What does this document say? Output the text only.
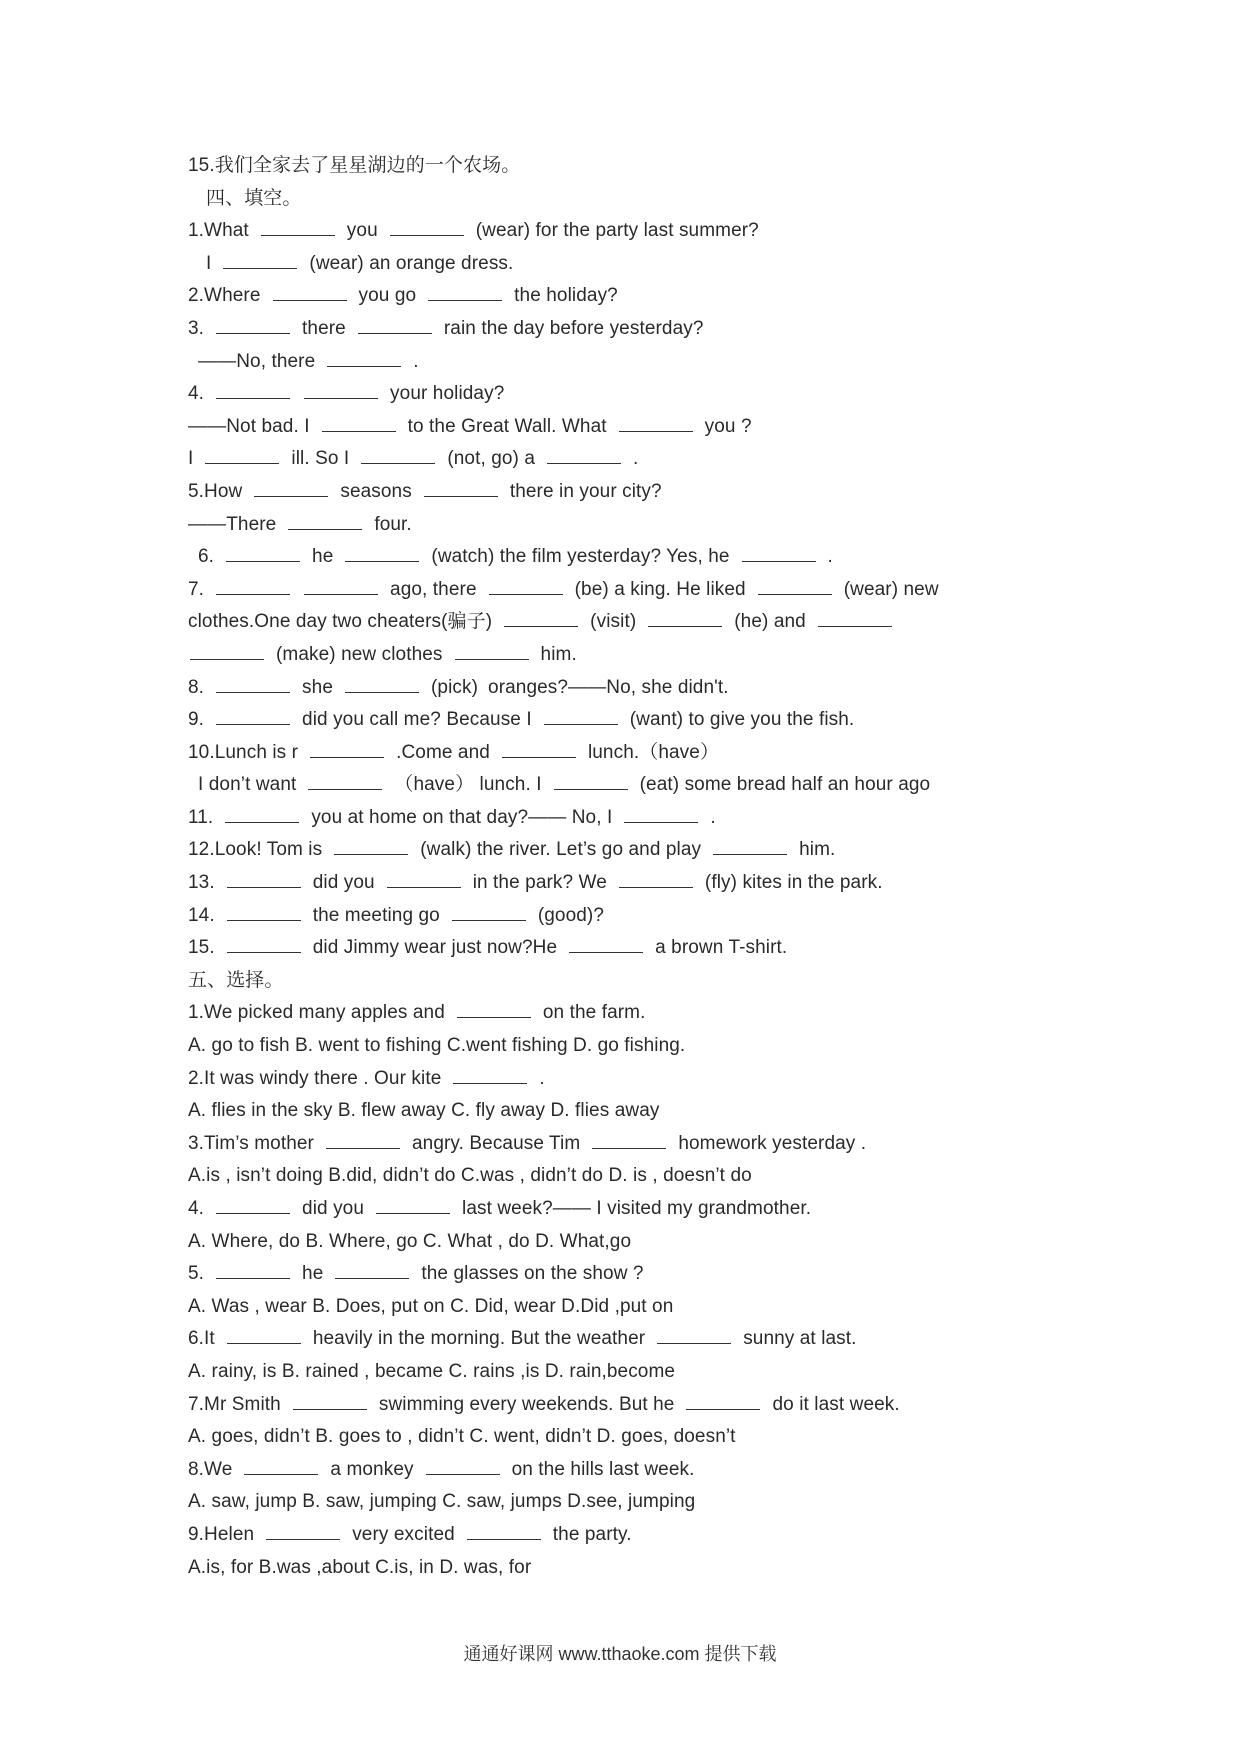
15.我们全家去了星星湖边的一个农场。
四、填空。
1.What	you	(wear) for the party last summer?
I	(wear) an orange dress.
2.Where	you go	the holiday?
3.	there	rain the day before yesterday?
——No, there	.
4.	your holiday?
——Not bad. I	to the Great Wall. What	you ?
I	ill. So I	(not, go) a	.
5.How	seasons	there in your city?
——There	four.
6.	he	(watch) the film yesterday? Yes, he	.
7.	ago, there	(be) a king. He liked	(wear) new
clothes.One day two cheaters(骗子)	(visit)	(he) and
(make) new clothes	him.
8.	she	(pick) oranges?——No, she didn't.
9.	did you call me? Because I	(want) to give you the fish.
10.Lunch is r	.Come and	lunch.（have）
I don’t want	（have） lunch. I	(eat) some bread half an hour ago
11.	you at home on that day?—— No, I	.
12.Look! Tom is	(walk) the river. Let’s go and play	him.
13.	did you	in the park? We	(fly) kites in the park.
14.	the meeting go	(good)?
15.	did Jimmy wear just now?He	a brown T-shirt.
五、选择。
1.We picked many apples and	on the farm.
A. go to fish B. went to fishing C.went fishing D. go fishing.
2.It was windy there . Our kite	.
A. flies in the sky B. flew away C. fly away D. flies away
3.Tim’s mother	angry. Because Tim	homework yesterday .
A.is , isn’t doing B.did, didn’t do C.was , didn’t do D. is , doesn’t do
4.	did you	last week?—— I visited my grandmother.
A. Where, do B. Where, go C. What , do D. What,go
5.	he	the glasses on the show ?
A. Was , wear B. Does, put on C. Did, wear D.Did ,put on
6.It	heavily in the morning. But the weather	sunny at last.
A. rainy, is B. rained , became C. rains ,is D. rain,become
7.Mr Smith	swimming every weekends. But he	do it last week.
A. goes, didn’t B. goes to , didn’t C. went, didn’t D. goes, doesn’t
8.We	a monkey	on the hills last week.
A. saw, jump B. saw, jumping C. saw, jumps D.see, jumping
9.Helen	very excited	the party.
A.is, for B.was ,about C.is, in D. was, for
通通好课网 www.tthaoke.com 提供下载
